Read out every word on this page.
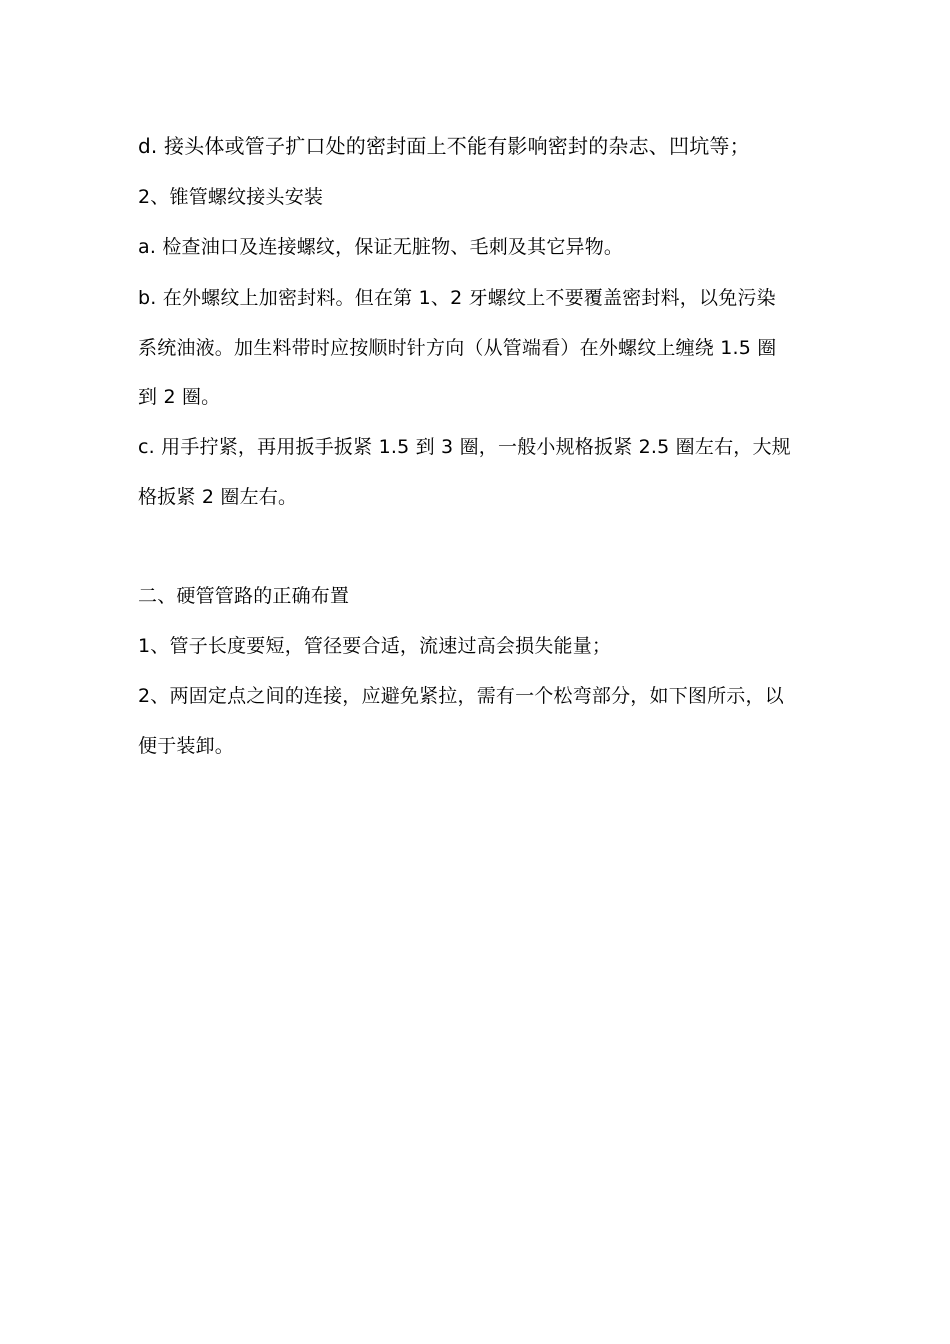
d. 接头体或管子扩口处的密封面上不能有影响密封的杂志、凹坑等；
2、锥管螺纹接头安装
a. 检查油口及连接螺纹，保证无脏物、毛刺及其它异物。
b. 在外螺纹上加密封料。但在第 1、2 牙螺纹上不要覆盖密封料，以免污染
系统油液。加生料带时应按顺时针方向（从管端看）在外螺纹上缠绕 1.5 圈
到 2 圈。
c. 用手拧紧，再用扳手扳紧 1.5 到 3 圈，一般小规格扳紧 2.5 圈左右，大规
格扳紧 2 圈左右。
二、硬管管路的正确布置
1、管子长度要短，管径要合适，流速过高会损失能量；
2、两固定点之间的连接，应避免紧拉，需有一个松弯部分，如下图所示，以
便于装卸。
